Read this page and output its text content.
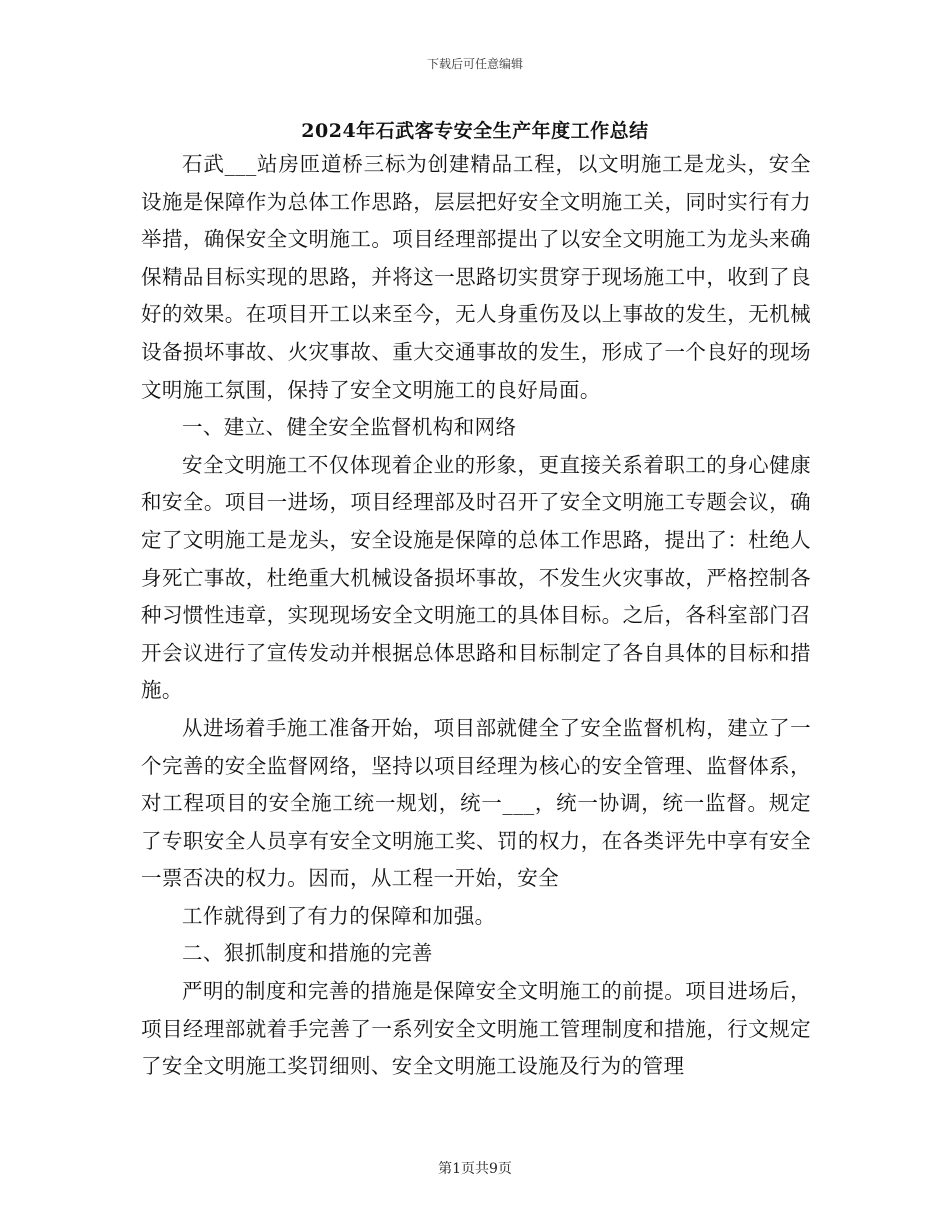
下载后可任意编辑
2024年石武客专安全生产年度工作总结

石武___站房匝道桥三标为创建精品工程，以文明施工是龙头，安全设施是保障作为总体工作思路，层层把好安全文明施工关，同时实行有力举措，确保安全文明施工。项目经理部提出了以安全文明施工为龙头来确保精品目标实现的思路，并将这一思路切实贯穿于现场施工中，收到了良好的效果。在项目开工以来至今，无人身重伤及以上事故的发生，无机械设备损坏事故、火灾事故、重大交通事故的发生，形成了一个良好的现场文明施工氛围，保持了安全文明施工的良好局面。

一、建立、健全安全监督机构和网络

安全文明施工不仅体现着企业的形象，更直接关系着职工的身心健康和安全。项目一进场，项目经理部及时召开了安全文明施工专题会议，确定了文明施工是龙头，安全设施是保障的总体工作思路，提出了：杜绝人身死亡事故，杜绝重大机械设备损坏事故，不发生火灾事故，严格控制各种习惯性违章，实现现场安全文明施工的具体目标。之后，各科室部门召开会议进行了宣传发动并根据总体思路和目标制定了各自具体的目标和措施。

从进场着手施工准备开始，项目部就健全了安全监督机构，建立了一个完善的安全监督网络，坚持以项目经理为核心的安全管理、监督体系，对工程项目的安全施工统一规划，统一___，统一协调，统一监督。规定了专职安全人员享有安全文明施工奖、罚的权力，在各类评先中享有安全一票否决的权力。因而，从工程一开始，安全

工作就得到了有力的保障和加强。

二、狠抓制度和措施的完善

严明的制度和完善的措施是保障安全文明施工的前提。项目进场后，项目经理部就着手完善了一系列安全文明施工管理制度和措施，行文规定了安全文明施工奖罚细则、安全文明施工设施及行为的管理

第1页共9页
